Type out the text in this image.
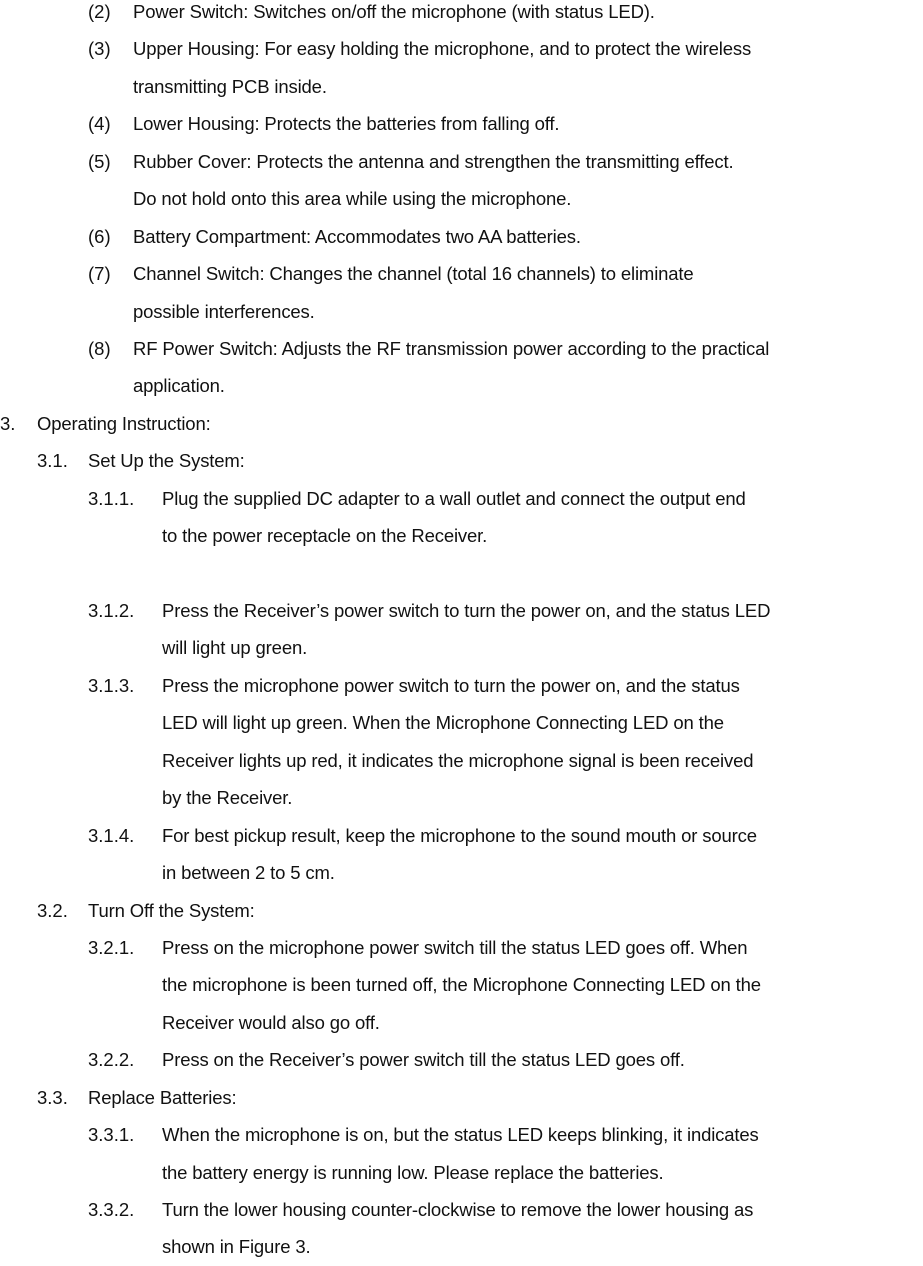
(2) Power Switch: Switches on/off the microphone (with status LED).
(3) Upper Housing: For easy holding the microphone, and to protect the wireless
transmitting PCB inside.
(4) Lower Housing: Protects the batteries from falling off.
(5) Rubber Cover: Protects the antenna and strengthen the transmitting effect.
Do not hold onto this area while using the microphone.
(6) Battery Compartment: Accommodates two AA batteries.
(7) Channel Switch: Changes the channel (total 16 channels) to eliminate
possible interferences.
(8) RF Power Switch: Adjusts the RF transmission power according to the practical
application.
3. Operating Instruction:
3.1. Set Up the System:
3.1.1. Plug the supplied DC adapter to a wall outlet and connect the output end
to the power receptacle on the Receiver.
3.1.2. Press the Receiver’s power switch to turn the power on, and the status LED
will light up green.
3.1.3. Press the microphone power switch to turn the power on, and the status
LED will light up green. When the Microphone Connecting LED on the
Receiver lights up red, it indicates the microphone signal is been received
by the Receiver.
3.1.4. For best pickup result, keep the microphone to the sound mouth or source
in between 2 to 5 cm.
3.2. Turn Off the System:
3.2.1. Press on the microphone power switch till the status LED goes off. When
the microphone is been turned off, the Microphone Connecting LED on the
Receiver would also go off.
3.2.2. Press on the Receiver’s power switch till the status LED goes off.
3.3. Replace Batteries:
3.3.1. When the microphone is on, but the status LED keeps blinking, it indicates
the battery energy is running low. Please replace the batteries.
3.3.2. Turn the lower housing counter-clockwise to remove the lower housing as
shown in Figure 3.
